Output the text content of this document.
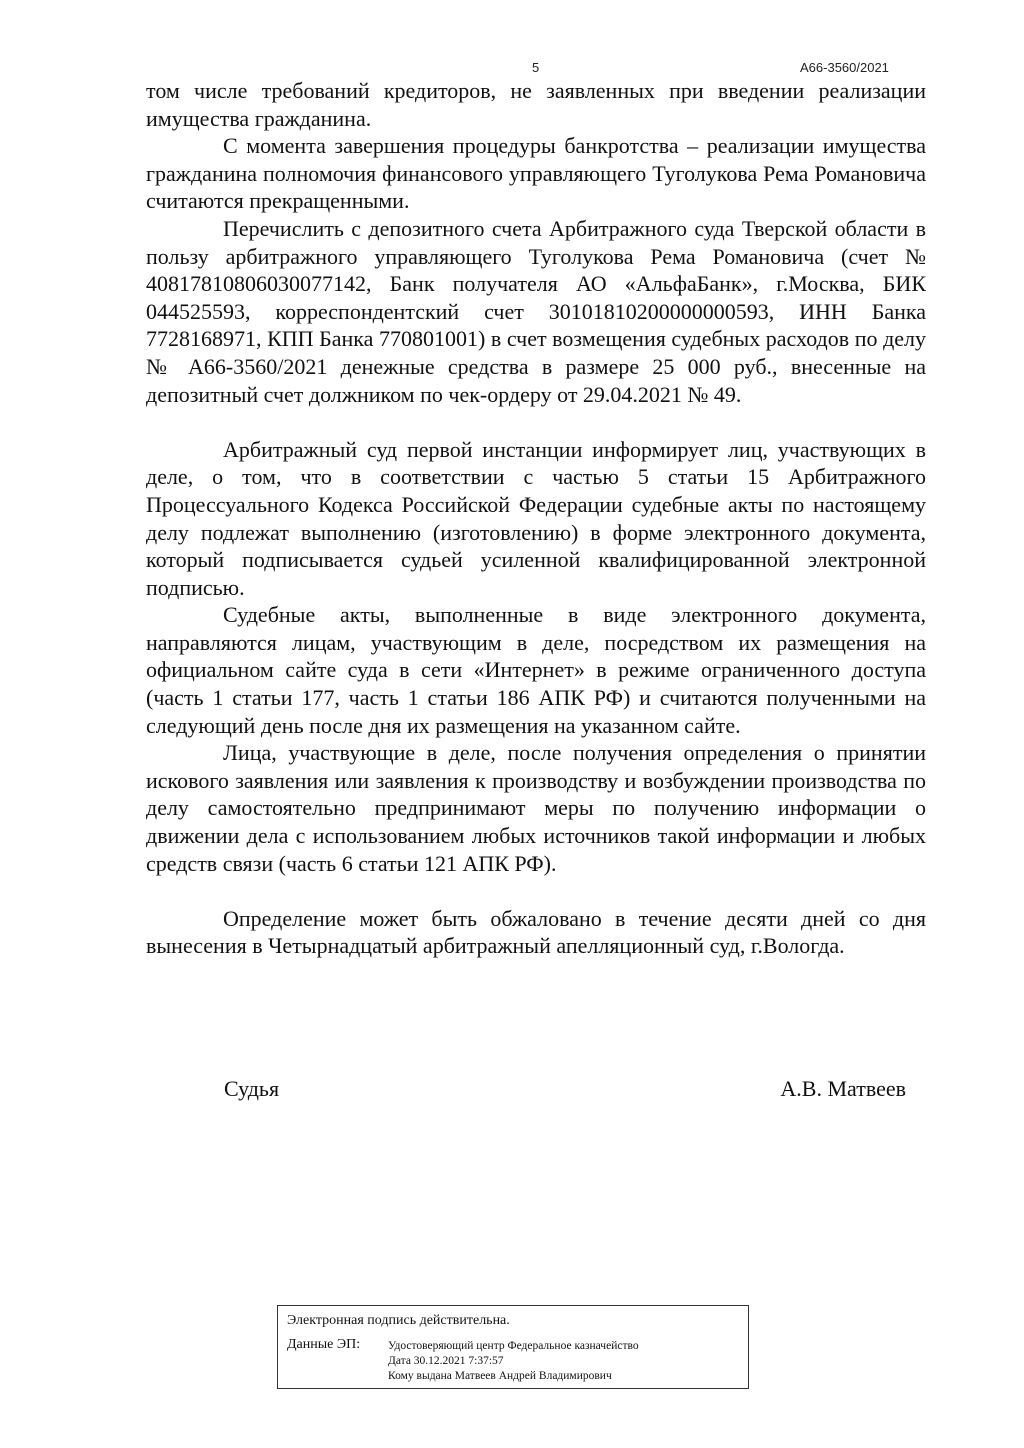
5	А66-3560/2021

том числе требований кредиторов, не заявленных при введении реализации имущества гражданина.

С момента завершения процедуры банкротства – реализации имущества гражданина полномочия финансового управляющего Туголукова Рема Романовича считаются прекращенными.

Перечислить с депозитного счета Арбитражного суда Тверской области в пользу арбитражного управляющего Туголукова Рема Романовича (счет № 40817810806030077142, Банк получателя АО «АльфаБанк», г.Москва, БИК 044525593, корреспондентский счет 30101810200000000593, ИНН Банка 7728168971, КПП Банка 770801001) в счет возмещения судебных расходов по делу № А66-3560/2021 денежные средства в размере 25 000 руб., внесенные на депозитный счет должником по чек-ордеру от 29.04.2021 № 49.

Арбитражный суд первой инстанции информирует лиц, участвующих в деле, о том, что в соответствии с частью 5 статьи 15 Арбитражного Процессуального Кодекса Российской Федерации судебные акты по настоящему делу подлежат выполнению (изготовлению) в форме электронного документа, который подписывается судьей усиленной квалифицированной электронной подписью.

Судебные акты, выполненные в виде электронного документа, направляются лицам, участвующим в деле, посредством их размещения на официальном сайте суда в сети «Интернет» в режиме ограниченного доступа (часть 1 статьи 177, часть 1 статьи 186 АПК РФ) и считаются полученными на следующий день после дня их размещения на указанном сайте.

Лица, участвующие в деле, после получения определения о принятии искового заявления или заявления к производству и возбуждении производства по делу самостоятельно предпринимают меры по получению информации о движении дела с использованием любых источников такой информации и любых средств связи (часть 6 статьи 121 АПК РФ).

Определение может быть обжаловано в течение десяти дней со дня вынесения в Четырнадцатый арбитражный апелляционный суд, г.Вологда.

Судья	А.В. Матвеев
Электронная подпись действительна.
Данные ЭП: Удостоверяющий центр Федеральное казначейство
Дата 30.12.2021 7:37:57
Кому выдана Матвеев Андрей Владимирович
